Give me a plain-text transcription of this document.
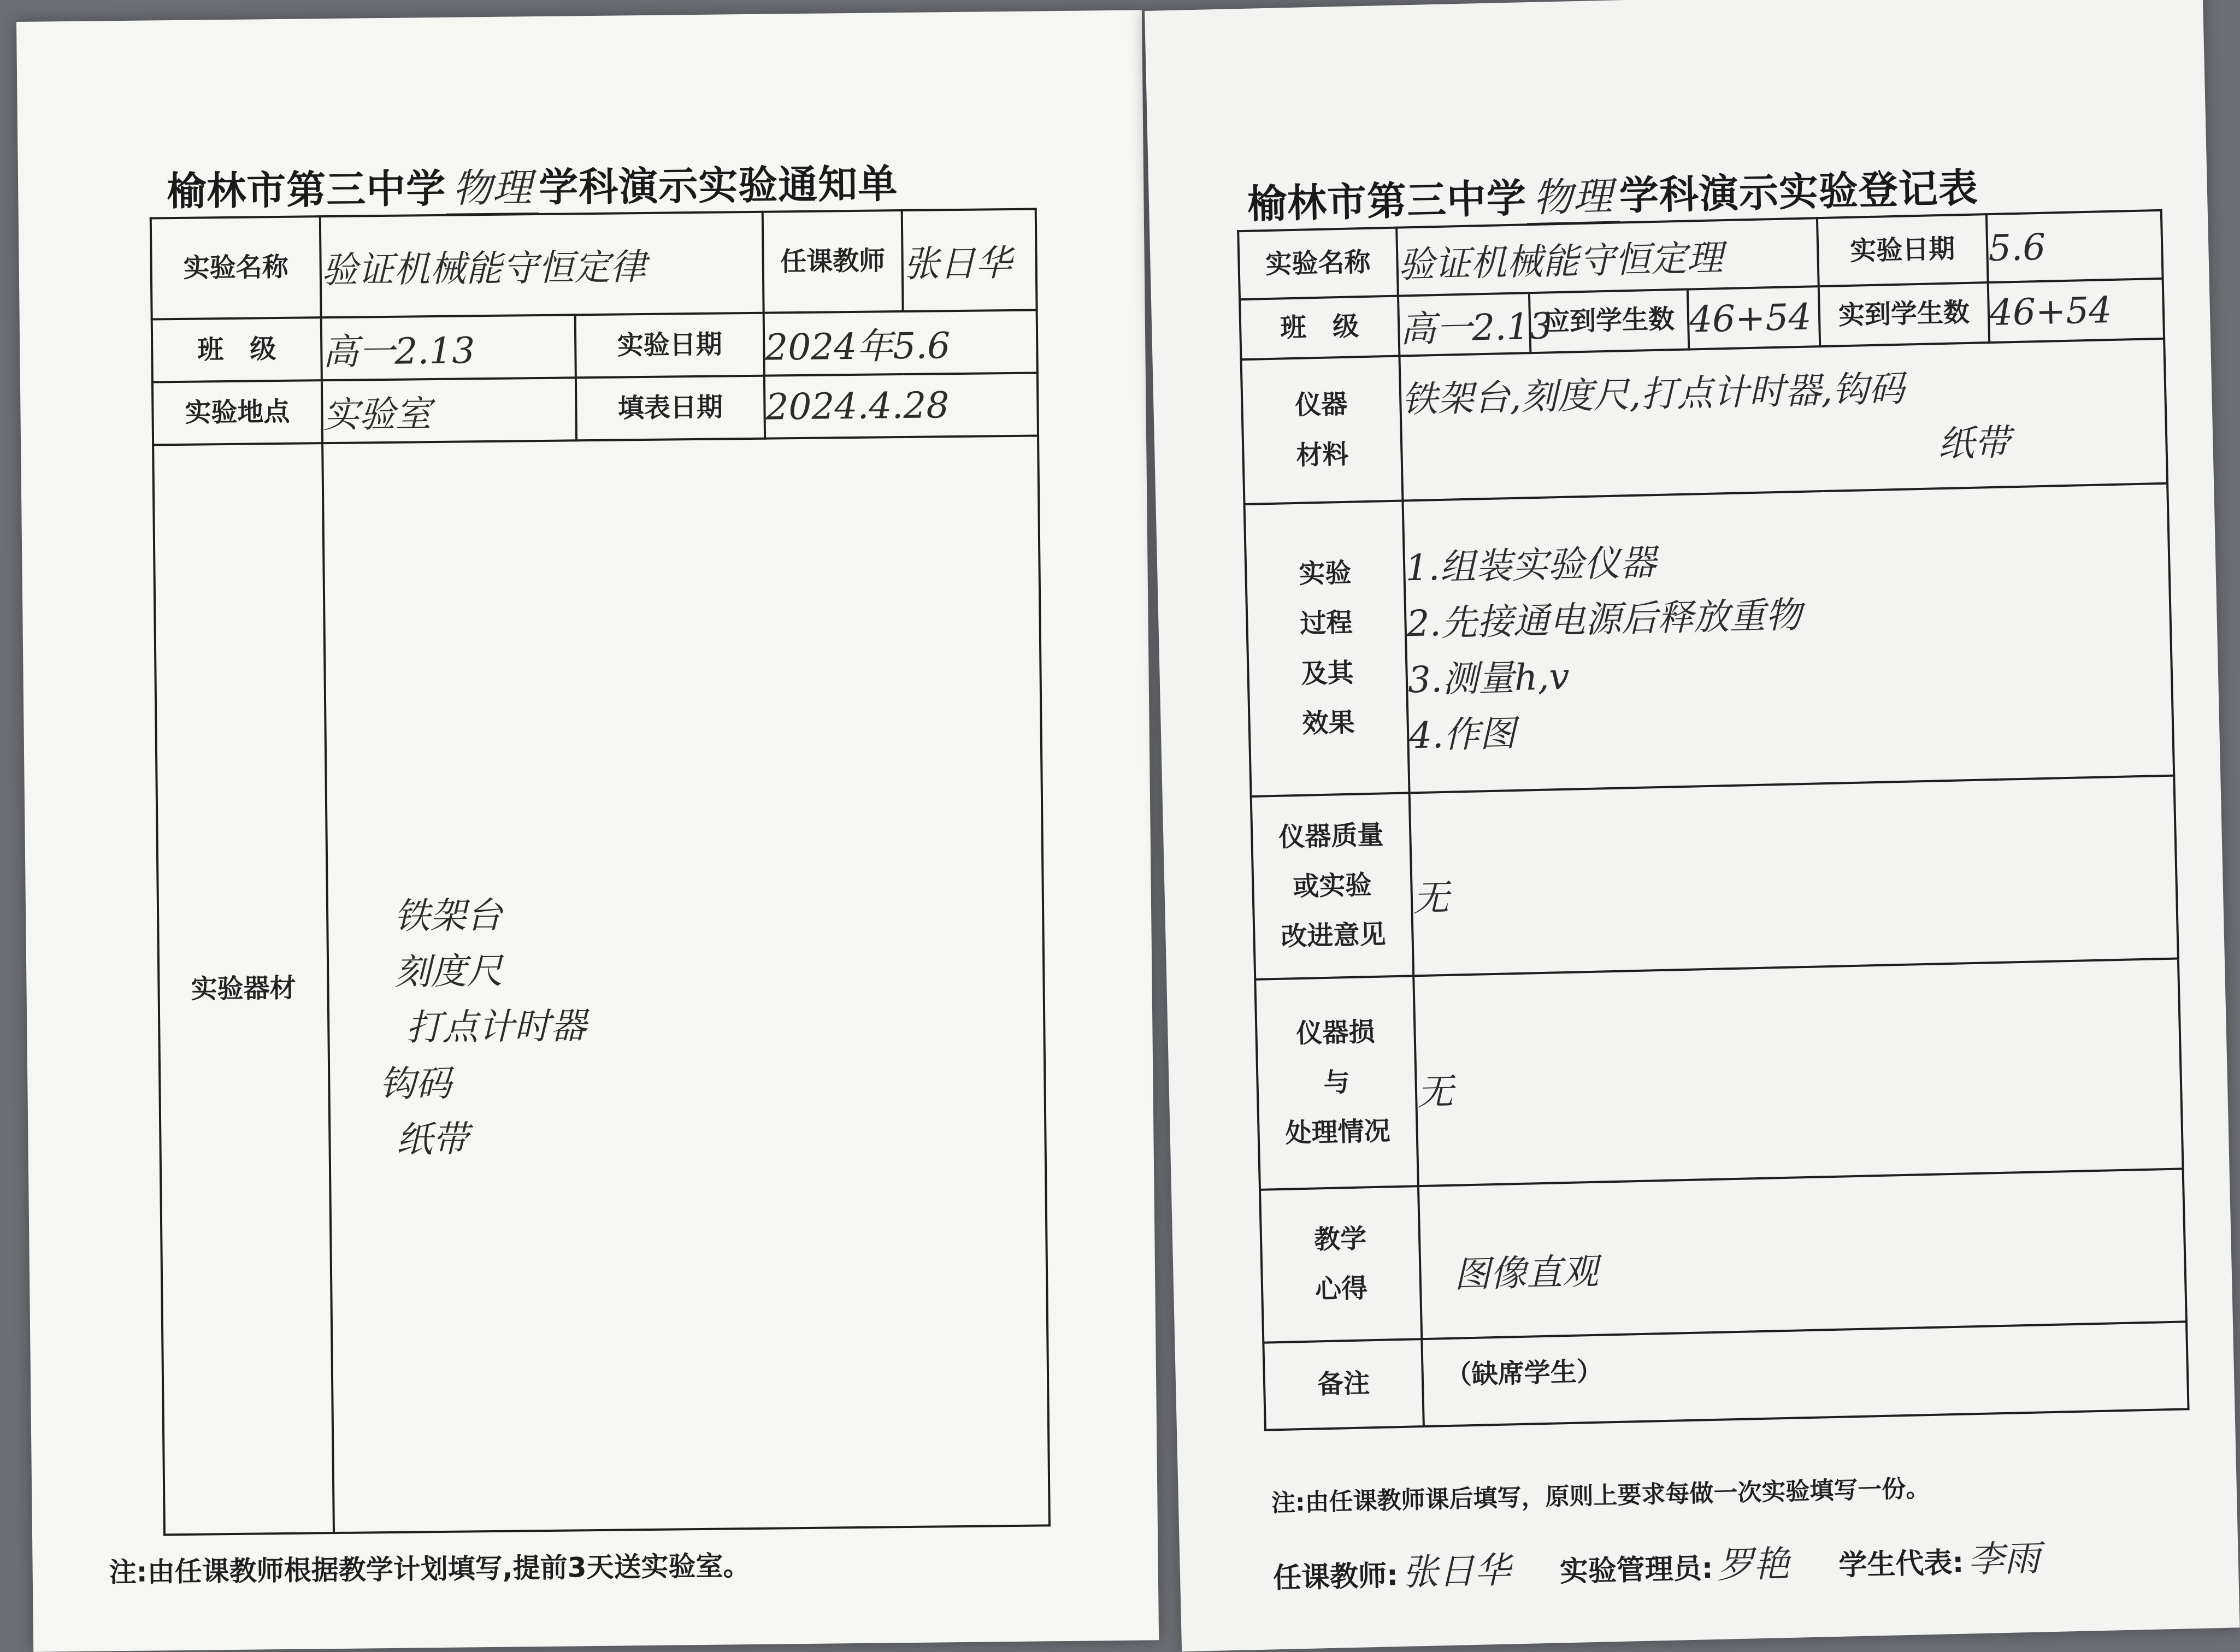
榆林市第三中学 物理 学科演示实验通知单
实验名称	验证机械能守恒定律		任课教师	张日华
班　级	高一2.13	实验日期	2024年5.6	
实验地点	实验室	填表日期	2024.4.28	
实验器材	铁架台
刻度尺
打点计时器
钩码
纸带			
注:由任课教师根据教学计划填写,提前3天送实验室。
榆林市第三中学 物理 学科演示实验登记表
实验名称	验证机械能守恒定理			实验日期	5.6
班　级	高一2.13	应到学生数	46+54	实到学生数	46+54

仪器
材料	铁架台,刻度尺,打点计时器,钩码
纸带				

实验
过程
及其
效果	1.组装实验仪器
2.先接通电源后释放重物
3.测量h,v
4.作图				

仪器质量
或实验
改进意见	无				

仪器损
与
处理情况	无				

教学
心得	图像直观				
备注	（缺席学生）				
注:由任课教师课后填写，原则上要求每做一次实验填写一份。
任课教师:张日华 实验管理员:罗艳 学生代表:李雨
